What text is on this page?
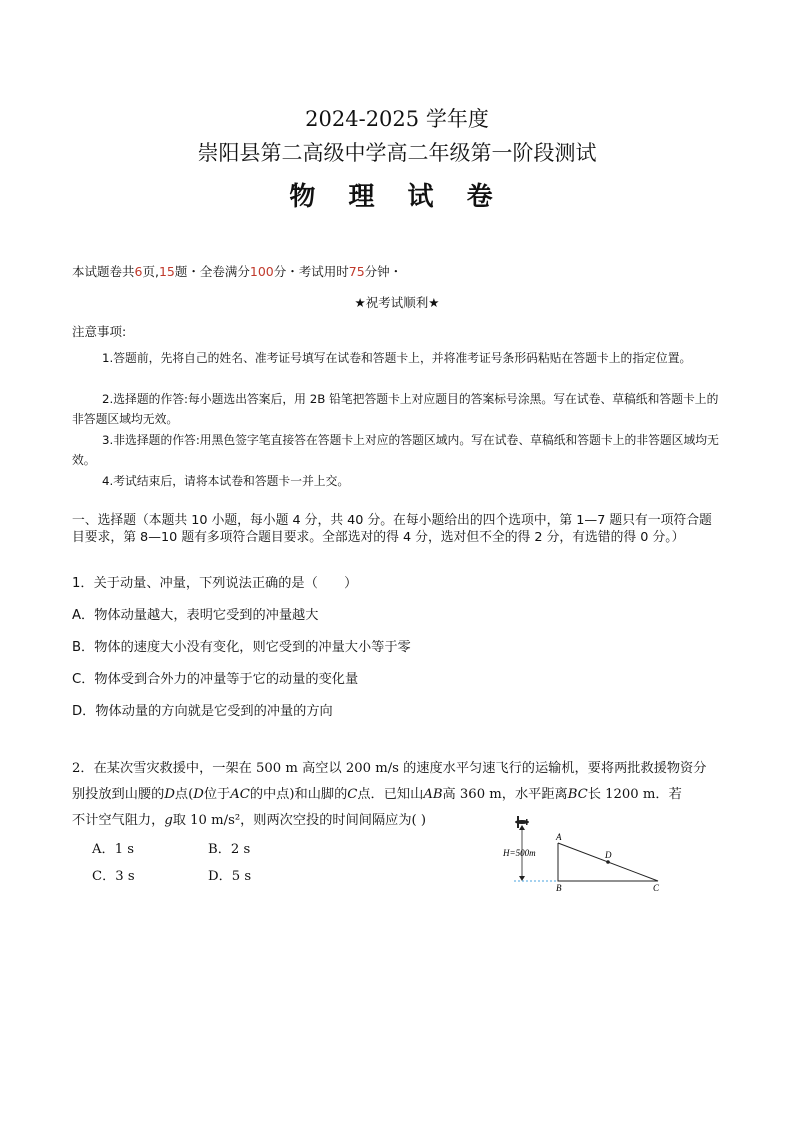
2024-2025 学年度
崇阳县第二高级中学高二年级第一阶段测试
物 理 试 卷
本试题卷共6页,15题・全卷满分100分・考试用时75分钟・
★祝考试顺利★
注意事项:
1.答题前，先将自己的姓名、准考证号填写在试卷和答题卡上，并将准考证号条形码粘贴在答题卡上的指定位置。
2.选择题的作答:每小题选出答案后，用 2B 铅笔把答题卡上对应题目的答案标号涂黑。写在试卷、草稿纸和答题卡上的非答题区域均无效。
3.非选择题的作答:用黑色签字笔直接答在答题卡上对应的答题区域内。写在试卷、草稿纸和答题卡上的非答题区域均无效。
4.考试结束后，请将本试卷和答题卡一并上交。
一、选择题（本题共 10 小题，每小题 4 分，共 40 分。在每小题给出的四个选项中，第 1—7 题只有一项符合题目要求，第 8—10 题有多项符合题目要求。全部选对的得 4 分，选对但不全的得 2 分，有选错的得 0 分。）
1．关于动量、冲量，下列说法正确的是（　　）
A．物体动量越大，表明它受到的冲量越大
B．物体的速度大小没有变化，则它受到的冲量大小等于零
C．物体受到合外力的冲量等于它的动量的变化量
D．物体动量的方向就是它受到的冲量的方向
2．在某次雪灾救援中，一架在 500 m 高空以 200 m/s 的速度水平匀速飞行的运输机，要将两批救援物资分
别投放到山腰的D点(D位于AC的中点)和山脚的C点．已知山AB高 360 m，水平距离BC长 1200 m．若
不计空气阻力，g取 10 m/s²，则两次空投的时间间隔应为( )
A．1 s	B．2 s
C．3 s	D．5 s
H=500m
A
B	C
D
